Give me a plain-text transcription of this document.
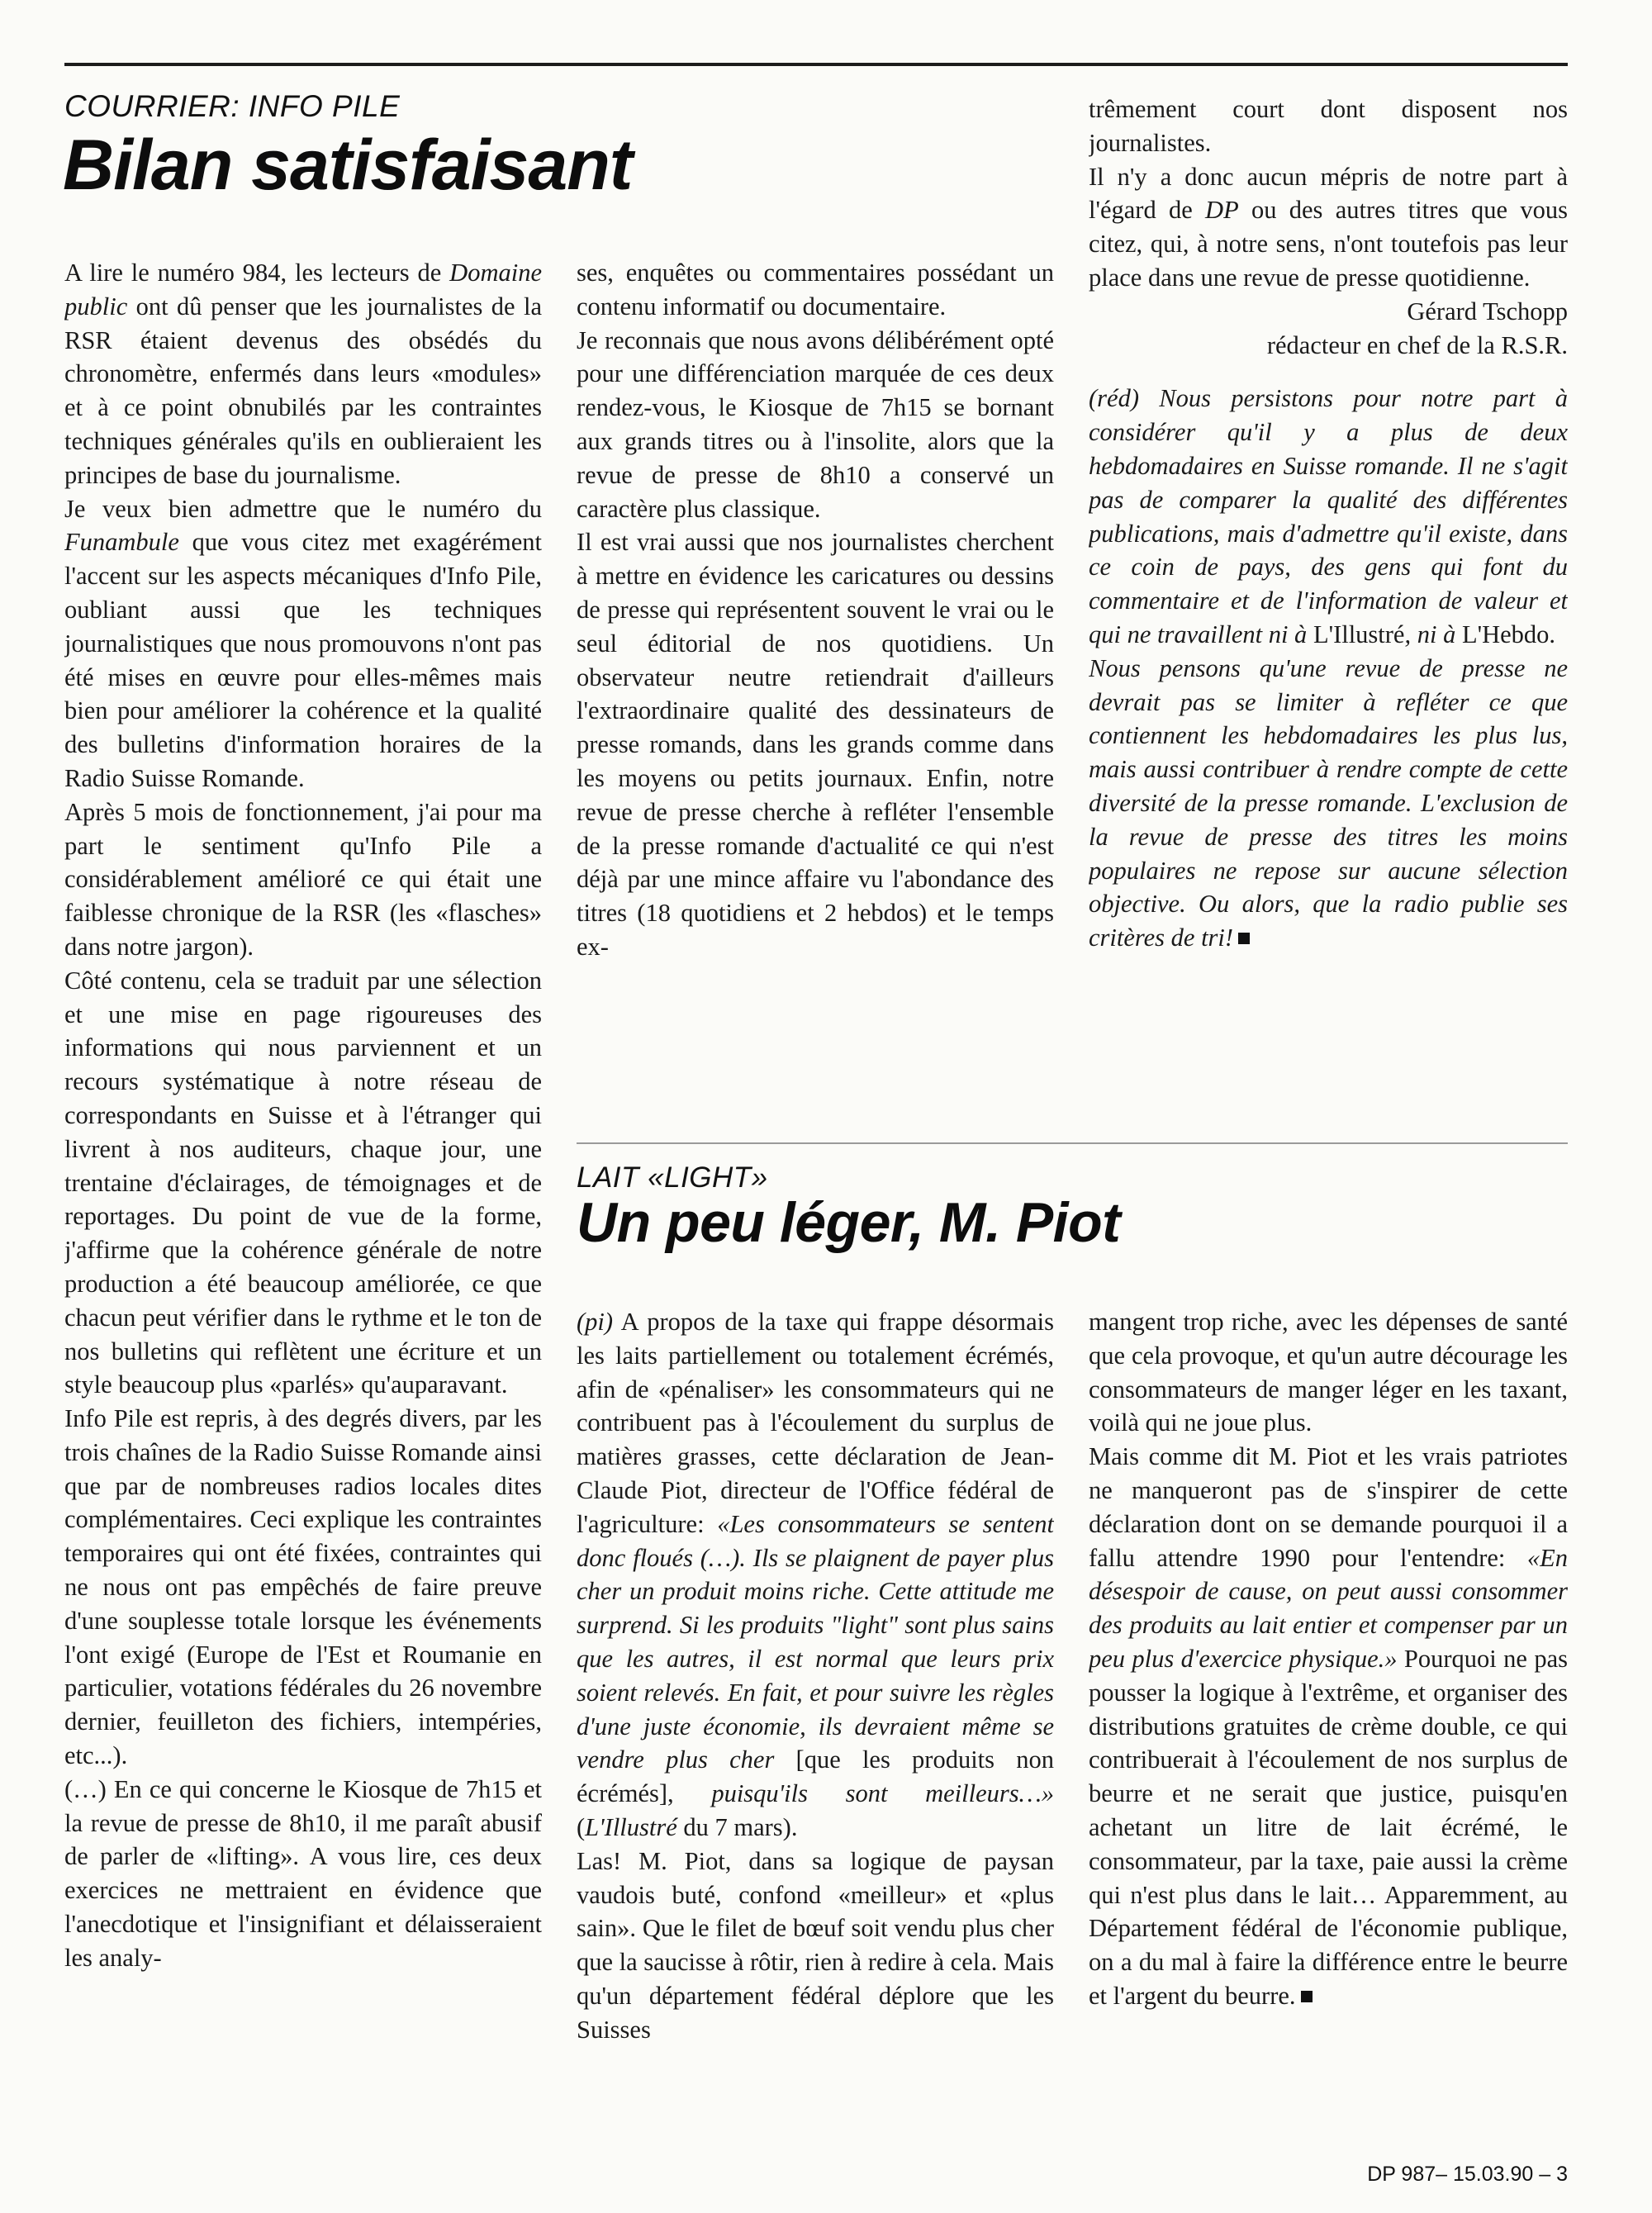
COURRIER: INFO PILE
Bilan satisfaisant

A lire le numéro 984, les lecteurs de Domaine public ont dû penser que les journalistes de la RSR étaient devenus des obsédés du chronomètre, enfermés dans leurs «modules» et à ce point obnubilés par les contraintes techniques générales qu'ils en oublieraient les principes de base du journalisme.

Je veux bien admettre que le numéro du Funambule que vous citez met exagérément l'accent sur les aspects mécaniques d'Info Pile, oubliant aussi que les techniques journalistiques que nous promouvons n'ont pas été mises en œuvre pour elles-mêmes mais bien pour améliorer la cohérence et la qualité des bulletins d'information horaires de la Radio Suisse Romande.

Après 5 mois de fonctionnement, j'ai pour ma part le sentiment qu'Info Pile a considérablement amélioré ce qui était une faiblesse chronique de la RSR (les «flasches» dans notre jargon).

Côté contenu, cela se traduit par une sélection et une mise en page rigoureuses des informations qui nous parviennent et un recours systématique à notre réseau de correspondants en Suisse et à l'étranger qui livrent à nos auditeurs, chaque jour, une trentaine d'éclairages, de témoignages et de reportages. Du point de vue de la forme, j'affirme que la cohérence générale de notre production a été beaucoup améliorée, ce que chacun peut vérifier dans le rythme et le ton de nos bulletins qui reflètent une écriture et un style beaucoup plus «parlés» qu'auparavant.

Info Pile est repris, à des degrés divers, par les trois chaînes de la Radio Suisse Romande ainsi que par de nombreuses radios locales dites complémentaires. Ceci explique les contraintes temporaires qui ont été fixées, contraintes qui ne nous ont pas empêchés de faire preuve d'une souplesse totale lorsque les événements l'ont exigé (Europe de l'Est et Roumanie en particulier, votations fédérales du 26 novembre dernier, feuilleton des fichiers, intempéries, etc...).

(…) En ce qui concerne le Kiosque de 7h15 et la revue de presse de 8h10, il me paraît abusif de parler de «lifting». A vous lire, ces deux exercices ne mettraient en évidence que l'anecdotique et l'insignifiant et délaisseraient les analy-

ses, enquêtes ou commentaires possédant un contenu informatif ou documentaire.

Je reconnais que nous avons délibérément opté pour une différenciation marquée de ces deux rendez-vous, le Kiosque de 7h15 se bornant aux grands titres ou à l'insolite, alors que la revue de presse de 8h10 a conservé un caractère plus classique.

Il est vrai aussi que nos journalistes cherchent à mettre en évidence les caricatures ou dessins de presse qui représentent souvent le vrai ou le seul éditorial de nos quotidiens. Un observateur neutre retiendrait d'ailleurs l'extraordinaire qualité des dessinateurs de presse romands, dans les grands comme dans les moyens ou petits journaux. Enfin, notre revue de presse cherche à refléter l'ensemble de la presse romande d'actualité ce qui n'est déjà par une mince affaire vu l'abondance des titres (18 quotidiens et 2 hebdos) et le temps ex-

trêmement court dont disposent nos journalistes.

Il n'y a donc aucun mépris de notre part à l'égard de DP ou des autres titres que vous citez, qui, à notre sens, n'ont toutefois pas leur place dans une revue de presse quotidienne.

Gérard Tschopp
rédacteur en chef de la R.S.R.

(réd) Nous persistons pour notre part à considérer qu'il y a plus de deux hebdomadaires en Suisse romande. Il ne s'agit pas de comparer la qualité des différentes publications, mais d'admettre qu'il existe, dans ce coin de pays, des gens qui font du commentaire et de l'information de valeur et qui ne travaillent ni à L'Illustré, ni à L'Hebdo.

Nous pensons qu'une revue de presse ne devrait pas se limiter à refléter ce que contiennent les hebdomadaires les plus lus, mais aussi contribuer à rendre compte de cette diversité de la presse romande. L'exclusion de la revue de presse des titres les moins populaires ne repose sur aucune sélection objective. Ou alors, que la radio publie ses critères de tri!

LAIT «LIGHT»
Un peu léger, M. Piot

(pi) A propos de la taxe qui frappe désormais les laits partiellement ou totalement écrémés, afin de «pénaliser» les consommateurs qui ne contribuent pas à l'écoulement du surplus de matières grasses, cette déclaration de Jean-Claude Piot, directeur de l'Office fédéral de l'agriculture: «Les consommateurs se sentent donc floués (…). Ils se plaignent de payer plus cher un produit moins riche. Cette attitude me surprend. Si les produits "light" sont plus sains que les autres, il est normal que leurs prix soient relevés. En fait, et pour suivre les règles d'une juste économie, ils devraient même se vendre plus cher [que les produits non écrémés], puisqu'ils sont meilleurs…» (L'Illustré du 7 mars).

Las! M. Piot, dans sa logique de paysan vaudois buté, confond «meilleur» et «plus sain». Que le filet de bœuf soit vendu plus cher que la saucisse à rôtir, rien à redire à cela. Mais qu'un département fédéral déplore que les Suisses

mangent trop riche, avec les dépenses de santé que cela provoque, et qu'un autre décourage les consommateurs de manger léger en les taxant, voilà qui ne joue plus.

Mais comme dit M. Piot et les vrais patriotes ne manqueront pas de s'inspirer de cette déclaration dont on se demande pourquoi il a fallu attendre 1990 pour l'entendre: «En désespoir de cause, on peut aussi consommer des produits au lait entier et compenser par un peu plus d'exercice physique.» Pourquoi ne pas pousser la logique à l'extrême, et organiser des distributions gratuites de crème double, ce qui contribuerait à l'écoulement de nos surplus de beurre et ne serait que justice, puisqu'en achetant un litre de lait écrémé, le consommateur, par la taxe, paie aussi la crème qui n'est plus dans le lait… Apparemment, au Département fédéral de l'économie publique, on a du mal à faire la différence entre le beurre et l'argent du beurre.

DP 987– 15.03.90 – 3
